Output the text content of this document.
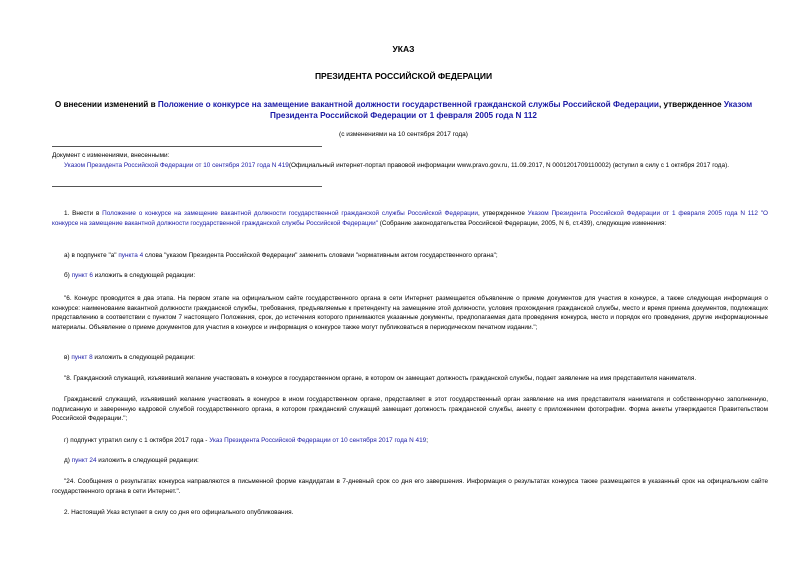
УКАЗ
ПРЕЗИДЕНТА РОССИЙСКОЙ ФЕДЕРАЦИИ
О внесении изменений в Положение о конкурсе на замещение вакантной должности государственной гражданской службы Российской Федерации, утвержденное Указом Президента Российской Федерации от 1 февраля 2005 года N 112
(с изменениями на 10 сентября 2017 года)
Документ с изменениями, внесенными:
Указом Президента Российской Федерации от 10 сентября 2017 года N 419(Официальный интернет-портал правовой информации www.pravo.gov.ru, 11.09.2017, N 0001201709110002) (вступил в силу с 1 октября 2017 года).
1. Внести в Положение о конкурсе на замещение вакантной должности государственной гражданской службы Российской Федерации, утвержденное Указом Президента Российской Федерации от 1 февраля 2005 года N 112 "О конкурсе на замещение вакантной должности государственной гражданской службы Российской Федерации" (Собрание законодательства Российской Федерации, 2005, N 6, ст.439), следующие изменения:
а) в подпункте "а" пункта 4 слова "указом Президента Российской Федерации" заменить словами "нормативным актом государственного органа";
б) пункт 6 изложить в следующей редакции:
"6. Конкурс проводится в два этапа. На первом этапе на официальном сайте государственного органа в сети Интернет размещается объявление о приеме документов для участия в конкурсе, а также следующая информация о конкурсе: наименование вакантной должности гражданской службы, требования, предъявляемые к претенденту на замещение этой должности, условия прохождения гражданской службы, место и время приема документов, подлежащих представлению в соответствии с пунктом 7 настоящего Положения, срок, до истечения которого принимаются указанные документы, предполагаемая дата проведения конкурса, место и порядок его проведения, другие информационные материалы. Объявление о приеме документов для участия в конкурсе и информация о конкурсе также могут публиковаться в периодическом печатном издании.";
в) пункт 8 изложить в следующей редакции:
"8. Гражданский служащий, изъявивший желание участвовать в конкурсе в государственном органе, в котором он замещает должность гражданской службы, подает заявление на имя представителя нанимателя.
Гражданский служащий, изъявивший желание участвовать в конкурсе в ином государственном органе, представляет в этот государственный орган заявление на имя представителя нанимателя и собственноручно заполненную, подписанную и заверенную кадровой службой государственного органа, в котором гражданский служащий замещает должность гражданской службы, анкету с приложением фотографии. Форма анкеты утверждается Правительством Российской Федерации.";
г) подпункт утратил силу с 1 октября 2017 года - Указ Президента Российской Федерации от 10 сентября 2017 года N 419;
д) пункт 24 изложить в следующей редакции:
"24. Сообщения о результатах конкурса направляются в письменной форме кандидатам в 7-дневный срок со дня его завершения. Информация о результатах конкурса также размещается в указанный срок на официальном сайте государственного органа в сети Интернет.".
2. Настоящий Указ вступает в силу со дня его официального опубликования.
